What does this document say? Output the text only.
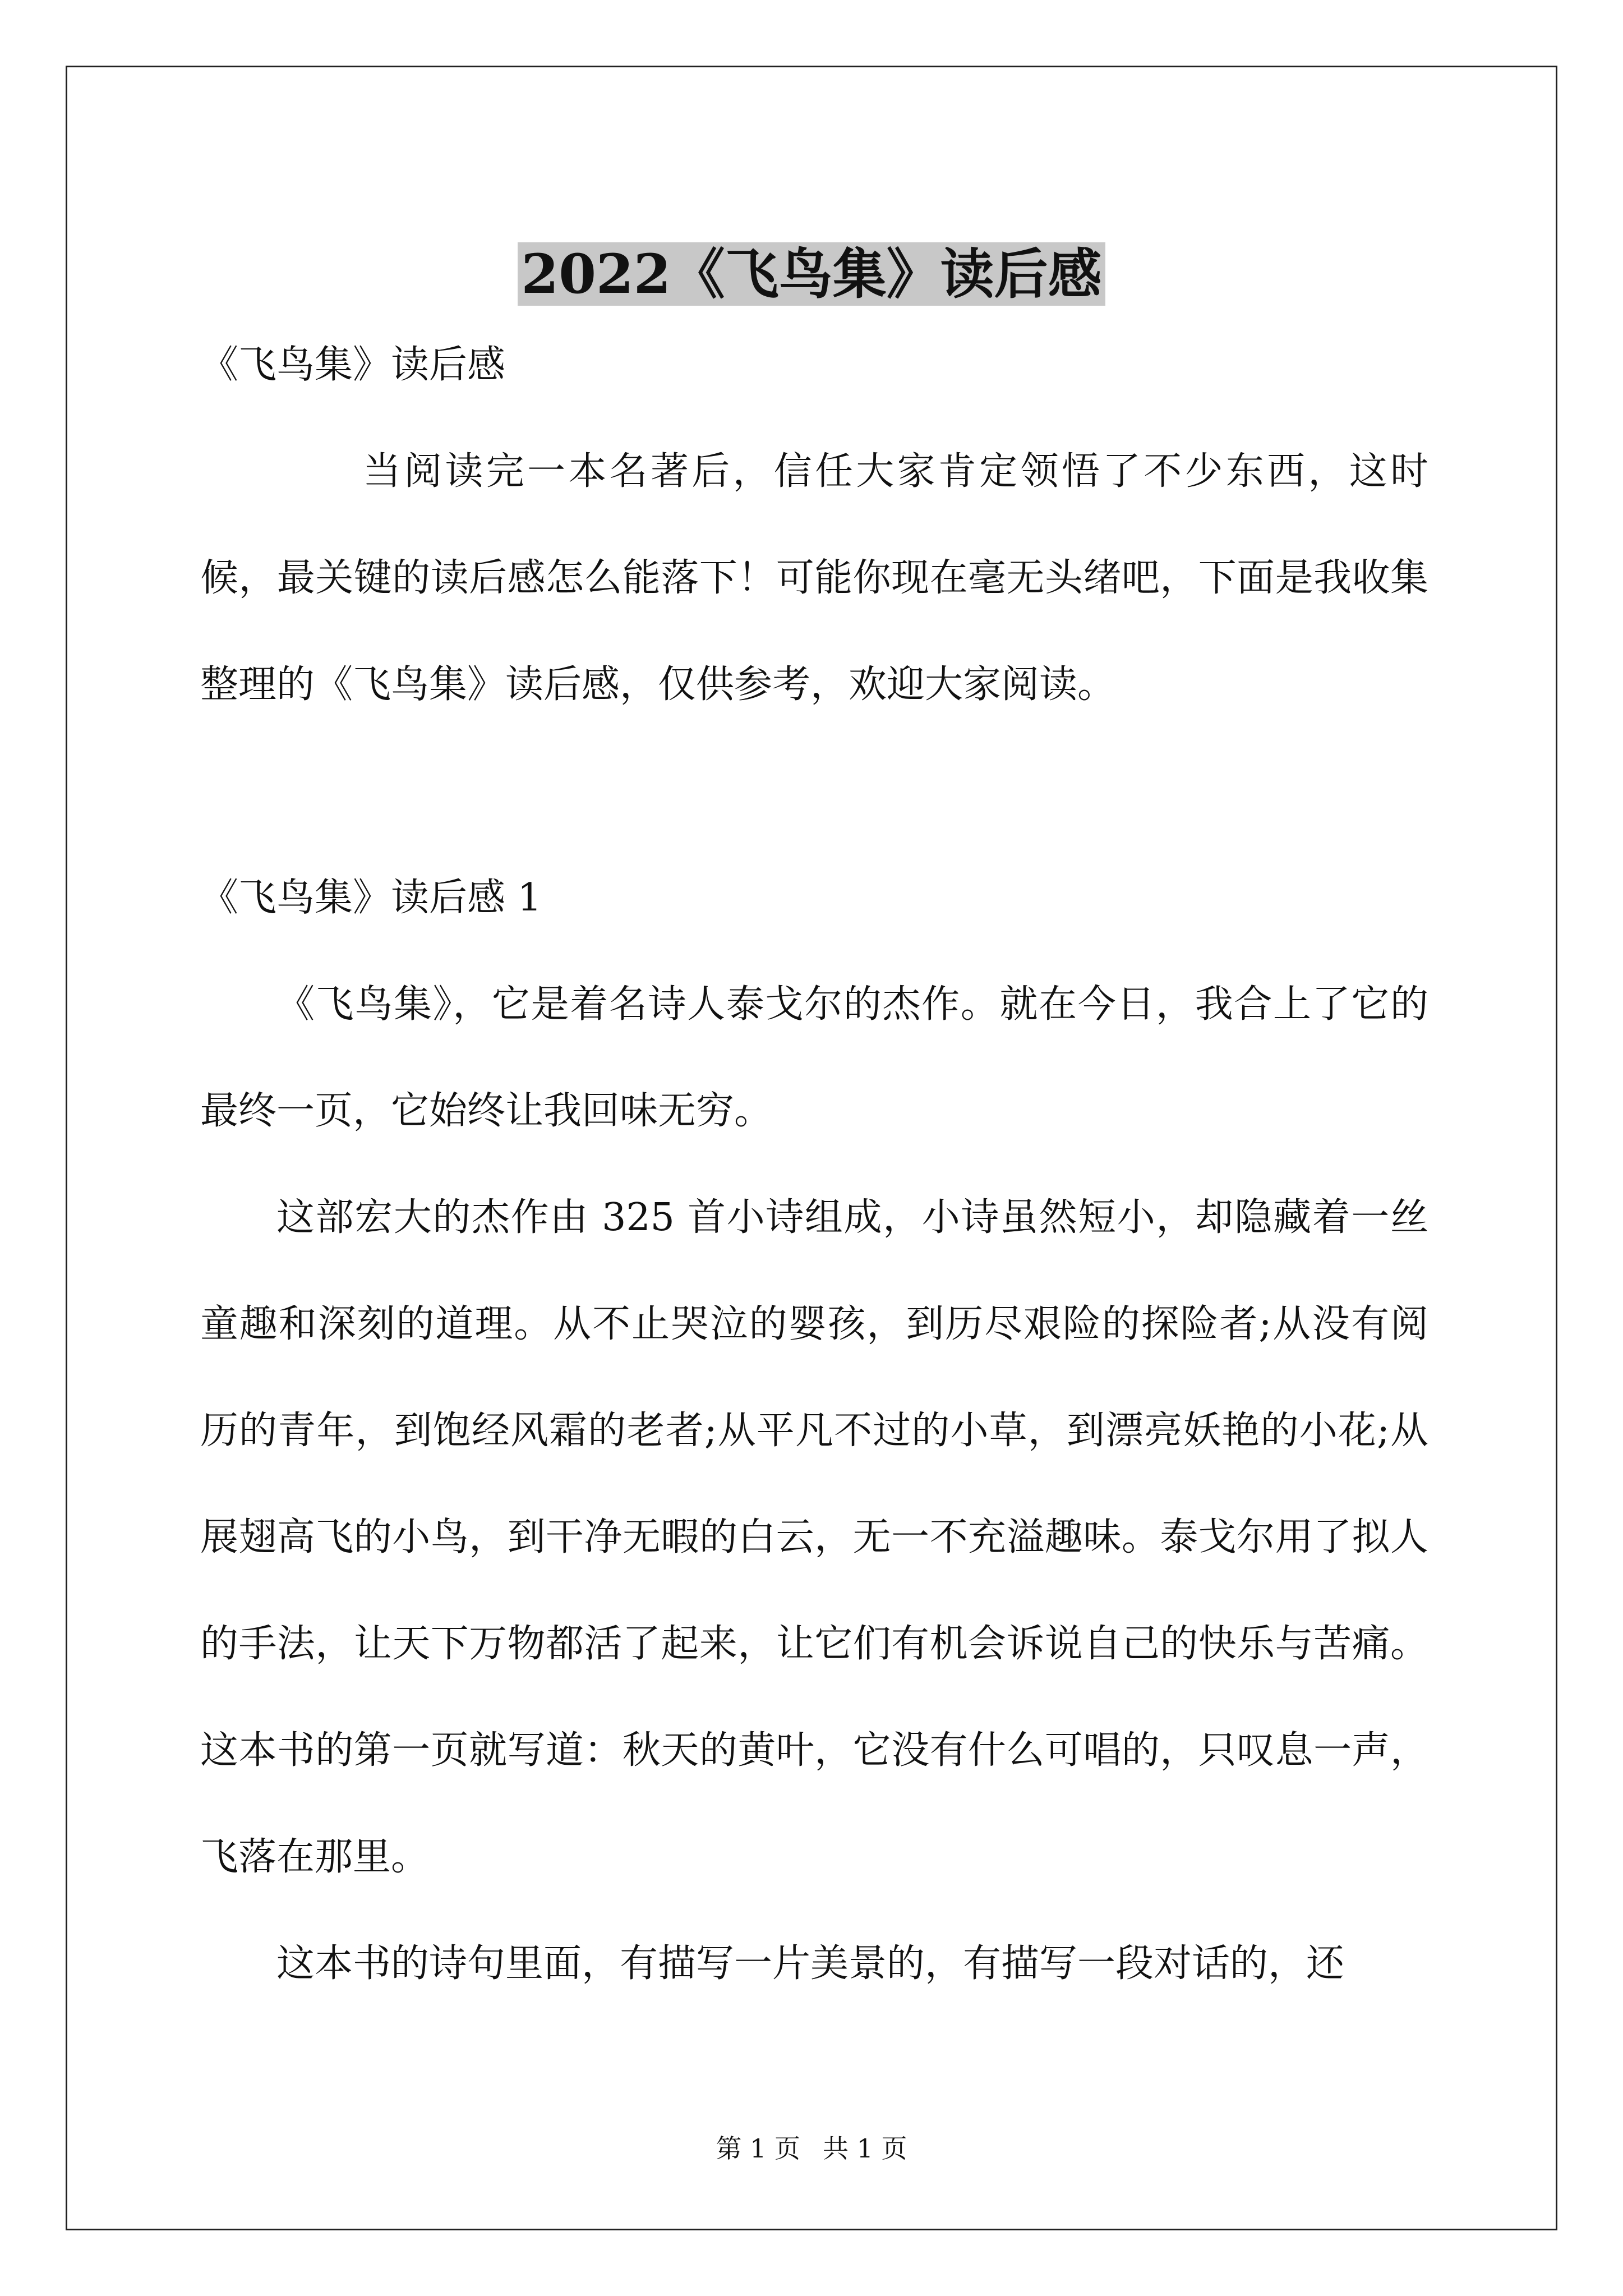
2022《飞鸟集》读后感

《飞鸟集》读后感

当阅读完一本名著后，信任大家肯定领悟了不少东西，这时候，最关键的读后感怎么能落下！可能你现在毫无头绪吧，下面是我收集整理的《飞鸟集》读后感，仅供参考，欢迎大家阅读。

《飞鸟集》读后感 1

《飞鸟集》，它是着名诗人泰戈尔的杰作。就在今日，我合上了它的最终一页，它始终让我回味无穷。

这部宏大的杰作由 325 首小诗组成，小诗虽然短小，却隐藏着一丝童趣和深刻的道理。从不止哭泣的婴孩，到历尽艰险的探险者;从没有阅历的青年，到饱经风霜的老者;从平凡不过的小草，到漂亮妖艳的小花;从展翅高飞的小鸟，到干净无暇的白云，无一不充溢趣味。泰戈尔用了拟人的手法，让天下万物都活了起来，让它们有机会诉说自己的快乐与苦痛。这本书的第一页就写道：秋天的黄叶，它没有什么可唱的，只叹息一声，飞落在那里。

这本书的诗句里面，有描写一片美景的，有描写一段对话的，还

第 1 页 共 1 页
